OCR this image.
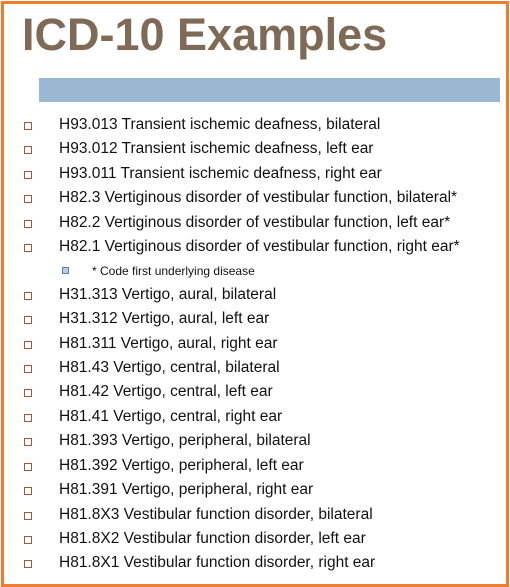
ICD-10 Examples
H93.013 Transient ischemic deafness, bilateral
H93.012 Transient ischemic deafness, left ear
H93.011 Transient ischemic deafness, right ear
H82.3 Vertiginous disorder of vestibular function, bilateral*
H82.2 Vertiginous disorder of vestibular function, left ear*
H82.1 Vertiginous disorder of vestibular function, right ear*
* Code first underlying disease
H31.313 Vertigo, aural, bilateral
H31.312 Vertigo, aural, left ear
H81.311 Vertigo, aural, right ear
H81.43 Vertigo, central, bilateral
H81.42 Vertigo, central, left ear
H81.41 Vertigo, central, right ear
H81.393 Vertigo, peripheral, bilateral
H81.392 Vertigo, peripheral, left ear
H81.391 Vertigo, peripheral, right ear
H81.8X3 Vestibular function disorder, bilateral
H81.8X2 Vestibular function disorder, left ear
H81.8X1 Vestibular function disorder, right ear
